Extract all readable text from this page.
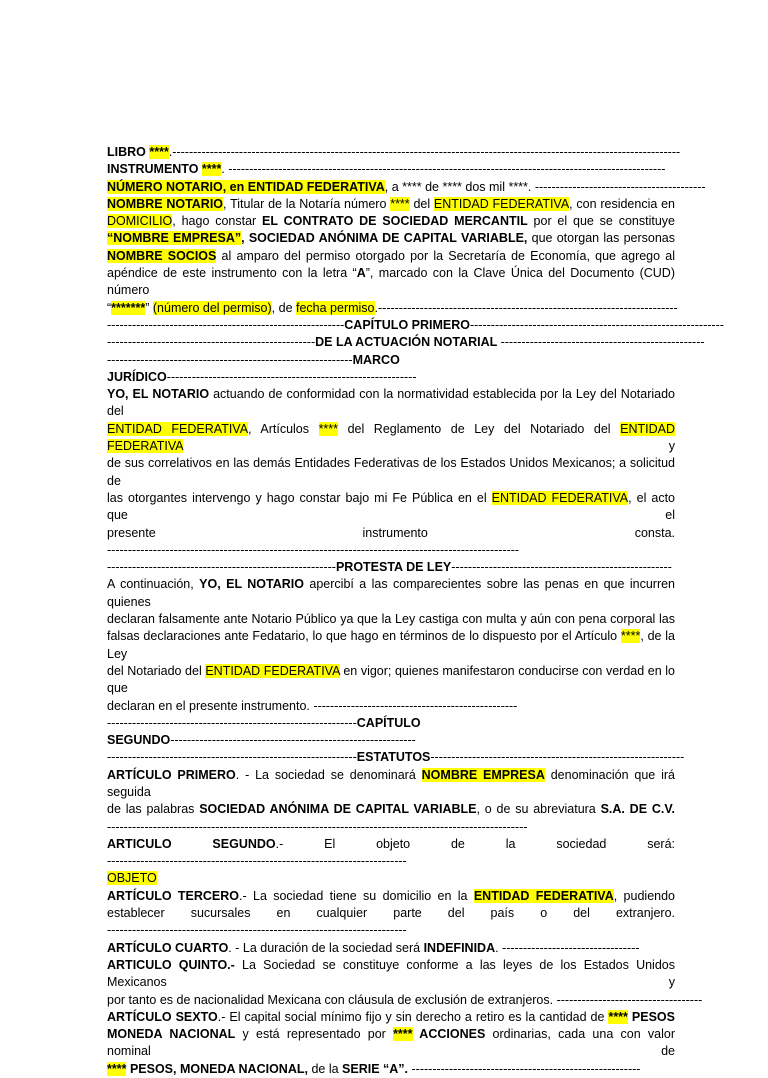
LIBRO ****.--------------------------------------------------------------------------------------------------------------------------
INSTRUMENTO ****. ---------------------------------------------------------------------------------------------------------
NÚMERO NOTARIO, en ENTIDAD FEDERATIVA, a **** de **** dos mil ****. -----------------------------------------
NOMBRE NOTARIO, Titular de la Notaría número **** del ENTIDAD FEDERATIVA, con residencia en
DOMICILIO, hago constar EL CONTRATO DE SOCIEDAD MERCANTIL por el que se constituye
“NOMBRE EMPRESA”, SOCIEDAD ANÓNIMA DE CAPITAL VARIABLE, que otorgan las personas
NOMBRE SOCIOS al amparo del permiso otorgado por la Secretaría de Economía, que agrego al
apéndice de este instrumento con la letra “A”, marcado con la Clave Única del Documento (CUD) número
“*******” (número del permiso), de fecha permiso.------------------------------------------------------------------------
---------------------------------------------------------CAPÍTULO PRIMERO-------------------------------------------------------------
--------------------------------------------------DE LA ACTUACIÓN NOTARIAL -------------------------------------------------
-----------------------------------------------------------MARCO
JURÍDICO------------------------------------------------------------
YO, EL NOTARIO actuando de conformidad con la normatividad establecida por la Ley del Notariado del
ENTIDAD FEDERATIVA, Artículos **** del Reglamento de Ley del Notariado del ENTIDAD FEDERATIVA y
de sus correlativos en las demás Entidades Federativas de los Estados Unidos Mexicanos; a solicitud de
las otorgantes intervengo y hago constar bajo mi Fe Pública en el ENTIDAD FEDERATIVA, el acto que el
presente instrumento consta.
---------------------------------------------------------------------------------------------------
-------------------------------------------------------PROTESTA DE LEY-----------------------------------------------------
A continuación, YO, EL NOTARIO apercibí a las comparecientes sobre las penas en que incurren quienes
declaran falsamente ante Notario Público ya que la Ley castiga con multa y aún con pena corporal las
falsas declaraciones ante Fedatario, lo que hago en términos de lo dispuesto por el Artículo ****, de la Ley
del Notariado del ENTIDAD FEDERATIVA en vigor; quienes manifestaron conducirse con verdad en lo que
declaran en el presente instrumento. -------------------------------------------------
------------------------------------------------------------CAPÍTULO
SEGUNDO-----------------------------------------------------------
------------------------------------------------------------ESTATUTOS-------------------------------------------------------------
ARTÍCULO PRIMERO. - La sociedad se denominará NOMBRE EMPRESA denominación que irá seguida
de las palabras SOCIEDAD ANÓNIMA DE CAPITAL VARIABLE, o de su abreviatura S.A. DE C.V.
-----------------------------------------------------------------------------------------------------
ARTICULO	SEGUNDO.-	El	objeto	de	la	sociedad	será:
------------------------------------------------------------------------
OBJETO
ARTÍCULO TERCERO.- La sociedad tiene su domicilio en la ENTIDAD FEDERATIVA, pudiendo
establecer sucursales en cualquier parte del país o del extranjero.
------------------------------------------------------------------------
ARTÍCULO CUARTO. - La duración de la sociedad será INDEFINIDA. ---------------------------------
ARTICULO QUINTO.- La Sociedad se constituye conforme a las leyes de los Estados Unidos Mexicanos y
por tanto es de nacionalidad Mexicana con cláusula de exclusión de extranjeros. -----------------------------------
ARTÍCULO SEXTO.- El capital social mínimo fijo y sin derecho a retiro es la cantidad de **** PESOS
MONEDA NACIONAL y está representado por **** ACCIONES ordinarias, cada una con valor nominal de
**** PESOS, MONEDA NACIONAL, de la SERIE “A”. -------------------------------------------------------
